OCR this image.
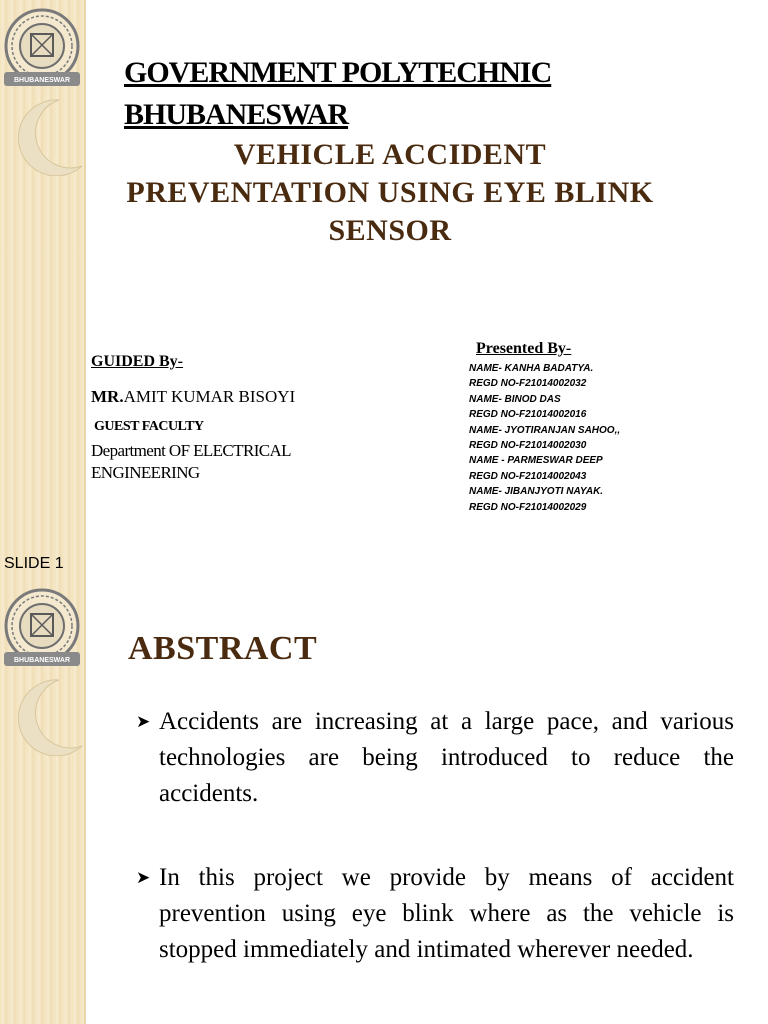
BHUBANESWAR GOVERNMENT POLYTECHNIC BHUBANESWAR

VEHICLE ACCIDENT PREVENTATION USING EYE BLINK SENSOR

GUIDED By-

MR.AMIT KUMAR BISOYI

GUEST FACULTY

Department OF ELECTRICAL ENGINEERING

Presented By-

NAME- KANHA BADATYA.
REGD NO-F21014002032
NAME- BINOD DAS
REGD NO-F21014002016
NAME- JYOTIRANJAN SAHOO,,
REGD NO-F21014002030
NAME - PARMESWAR DEEP
REGD NO-F21014002043
NAME- JIBANJYOTI NAYAK.
REGD NO-F21014002029

SLIDE 1

BHUBANESWAR ABSTRACT

➤ Accidents are increasing at a large pace, and various technologies are being introduced to reduce the accidents.
➤ In this project we provide by means of accident prevention using eye blink where as the vehicle is stopped immediately and intimated wherever needed.
